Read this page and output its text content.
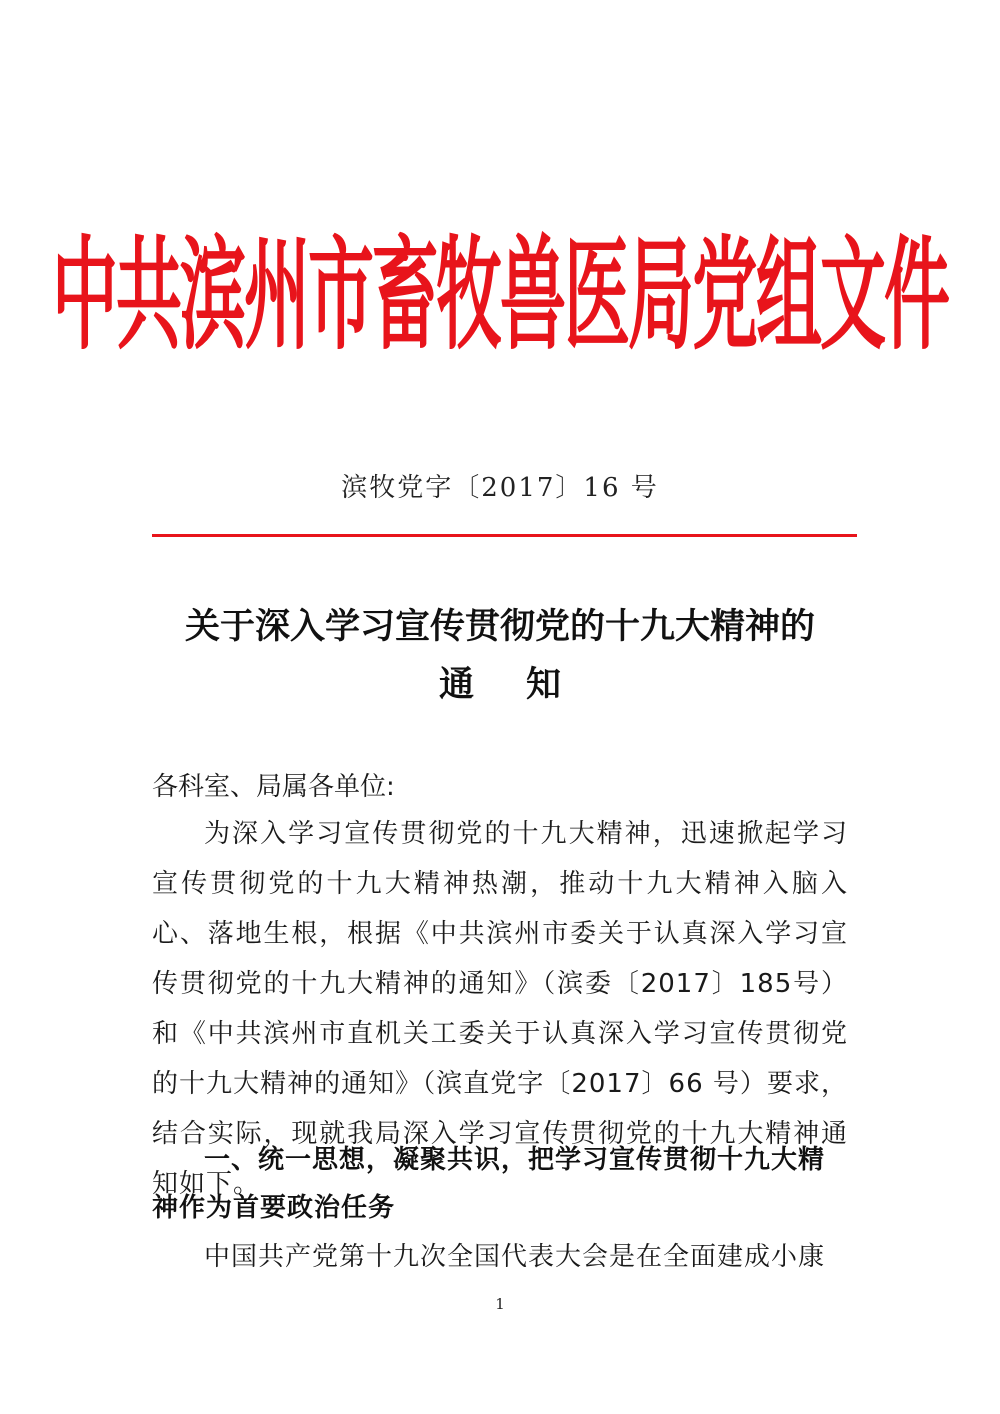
中共滨州市畜牧兽医局党组文件
滨牧党字〔2017〕16 号
关于深入学习宣传贯彻党的十九大精神的
通知
各科室、局属各单位:
为深入学习宣传贯彻党的十九大精神，迅速掀起学习宣传贯彻党的十九大精神热潮，推动十九大精神入脑入心、落地生根，根据《中共滨州市委关于认真深入学习宣传贯彻党的十九大精神的通知》（滨委〔2017〕185号）和《中共滨州市直机关工委关于认真深入学习宣传贯彻党的十九大精神的通知》（滨直党字〔2017〕66 号）要求，结合实际，现就我局深入学习宣传贯彻党的十九大精神通知如下。
一、统一思想，凝聚共识，把学习宣传贯彻十九大精神作为首要政治任务
中国共产党第十九次全国代表大会是在全面建成小康
1
